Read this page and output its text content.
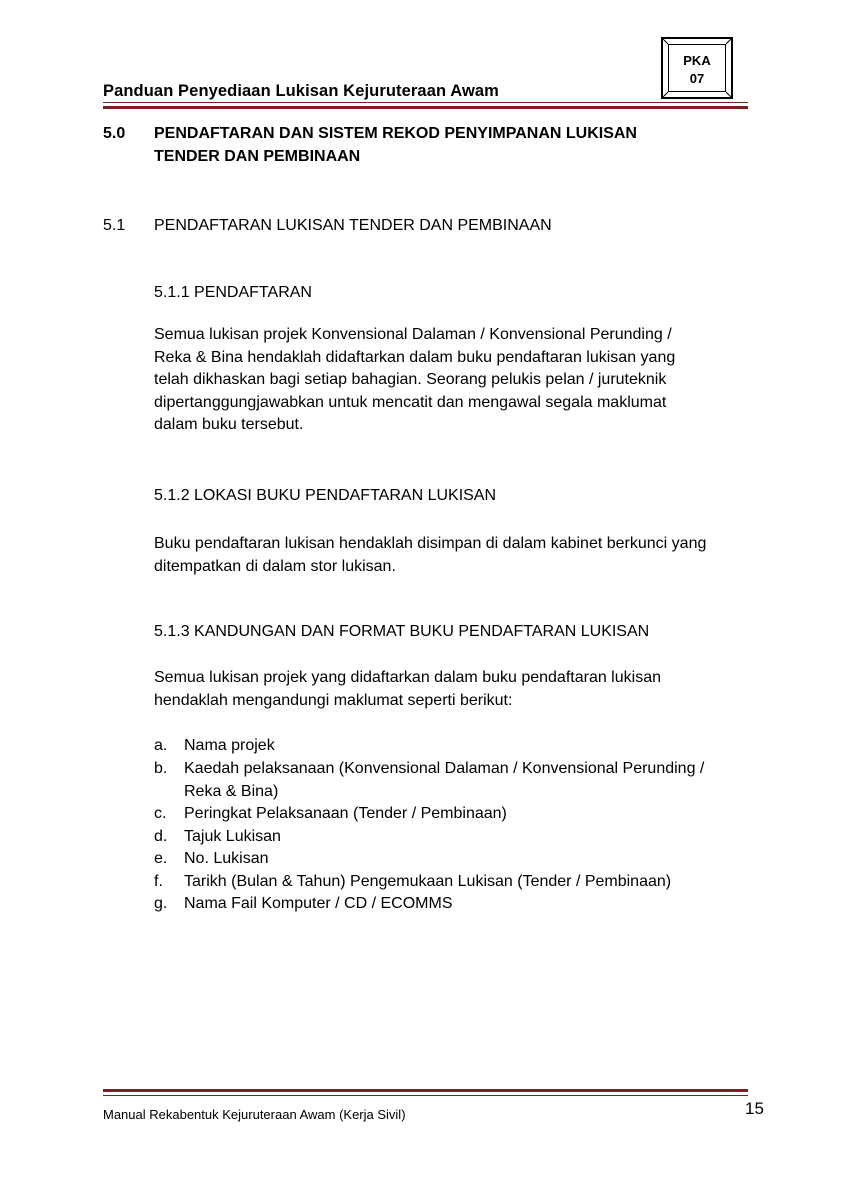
Panduan Penyediaan Lukisan Kejuruteraan Awam
PKA
07
5.0 PENDAFTARAN DAN SISTEM REKOD PENYIMPANAN LUKISAN
TENDER DAN PEMBINAAN
5.1 PENDAFTARAN LUKISAN TENDER DAN PEMBINAAN
5.1.1 PENDAFTARAN
Semua lukisan projek Konvensional Dalaman / Konvensional Perunding /
Reka & Bina hendaklah didaftarkan dalam buku pendaftaran lukisan yang
telah dikhaskan bagi setiap bahagian. Seorang pelukis pelan / juruteknik
dipertanggungjawabkan untuk mencatit dan mengawal segala maklumat
dalam buku tersebut.
5.1.2 LOKASI BUKU PENDAFTARAN LUKISAN
Buku pendaftaran lukisan hendaklah disimpan di dalam kabinet berkunci yang
ditempatkan di dalam stor lukisan.
5.1.3 KANDUNGAN DAN FORMAT BUKU PENDAFTARAN LUKISAN
Semua lukisan projek yang didaftarkan dalam buku pendaftaran lukisan
hendaklah mengandungi maklumat seperti berikut:
a. Nama projek
b. Kaedah pelaksanaan (Konvensional Dalaman / Konvensional Perunding /
Reka & Bina)
c. Peringkat Pelaksanaan (Tender / Pembinaan)
d. Tajuk Lukisan
e. No. Lukisan
f. Tarikh (Bulan & Tahun) Pengemukaan Lukisan (Tender / Pembinaan)
g. Nama Fail Komputer / CD / ECOMMS
Manual Rekabentuk Kejuruteraan Awam (Kerja Sivil)	15
